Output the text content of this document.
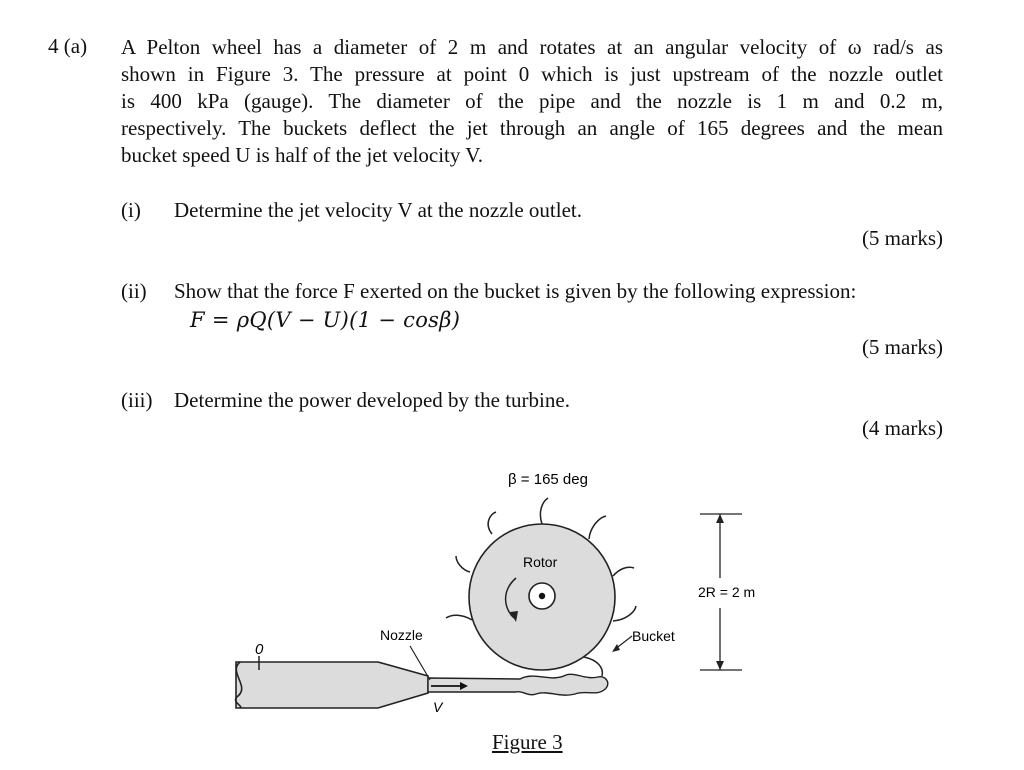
4 (a) A Pelton wheel has a diameter of 2 m and rotates at an angular velocity of ω rad/s as
shown in Figure 3. The pressure at point 0 which is just upstream of the nozzle outlet
is 400 kPa (gauge). The diameter of the pipe and the nozzle is 1 m and 0.2 m,
respectively. The buckets deflect the jet through an angle of 165 degrees and the mean
bucket speed U is half of the jet velocity V.
(i) Determine the jet velocity V at the nozzle outlet.
(5 marks)
(ii) Show that the force F exerted on the bucket is given by the following expression:
F = ρQ(V − U)(1 − cosβ)
(5 marks)
(iii) Determine the power developed by the turbine.
(4 marks)
0
V
Nozzle
Rotor
β = 165 deg
Bucket
2R = 2 m
Figure 3
